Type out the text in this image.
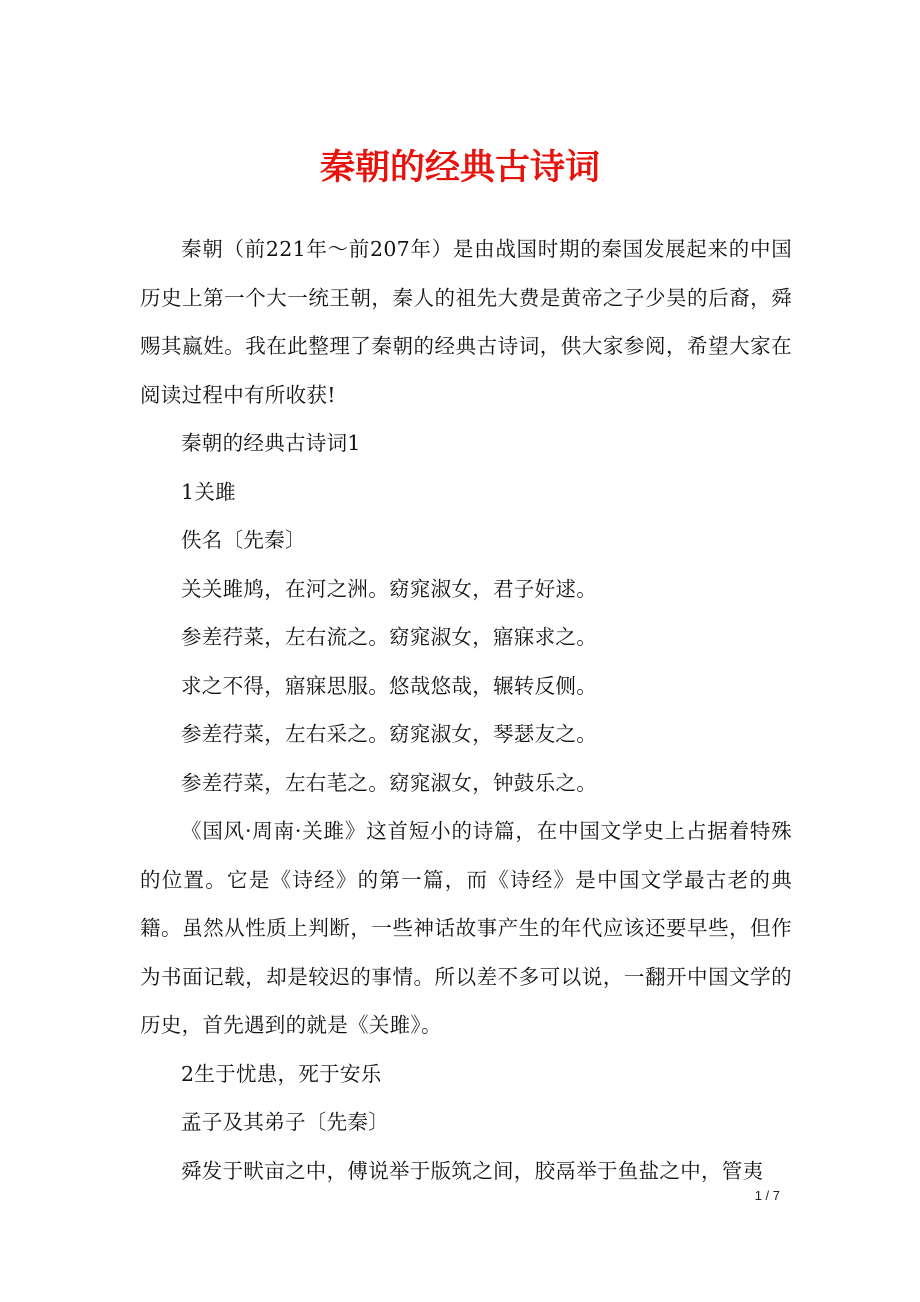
秦朝的经典古诗词

秦朝（前221年～前207年）是由战国时期的秦国发展起来的中国历史上第一个大一统王朝，秦人的祖先大费是黄帝之子少昊的后裔，舜赐其嬴姓。我在此整理了秦朝的经典古诗词，供大家参阅，希望大家在阅读过程中有所收获!

秦朝的经典古诗词1

1关雎

佚名〔先秦〕

关关雎鸠，在河之洲。窈窕淑女，君子好逑。

参差荇菜，左右流之。窈窕淑女，寤寐求之。

求之不得，寤寐思服。悠哉悠哉，辗转反侧。

参差荇菜，左右采之。窈窕淑女，琴瑟友之。

参差荇菜，左右芼之。窈窕淑女，钟鼓乐之。

《国风·周南·关雎》这首短小的诗篇，在中国文学史上占据着特殊的位置。它是《诗经》的第一篇，而《诗经》是中国文学最古老的典籍。虽然从性质上判断，一些神话故事产生的年代应该还要早些，但作为书面记载，却是较迟的事情。所以差不多可以说，一翻开中国文学的历史，首先遇到的就是《关雎》。

2生于忧患，死于安乐

孟子及其弟子〔先秦〕

舜发于畎亩之中，傅说举于版筑之间，胶鬲举于鱼盐之中，管夷

1 / 7
